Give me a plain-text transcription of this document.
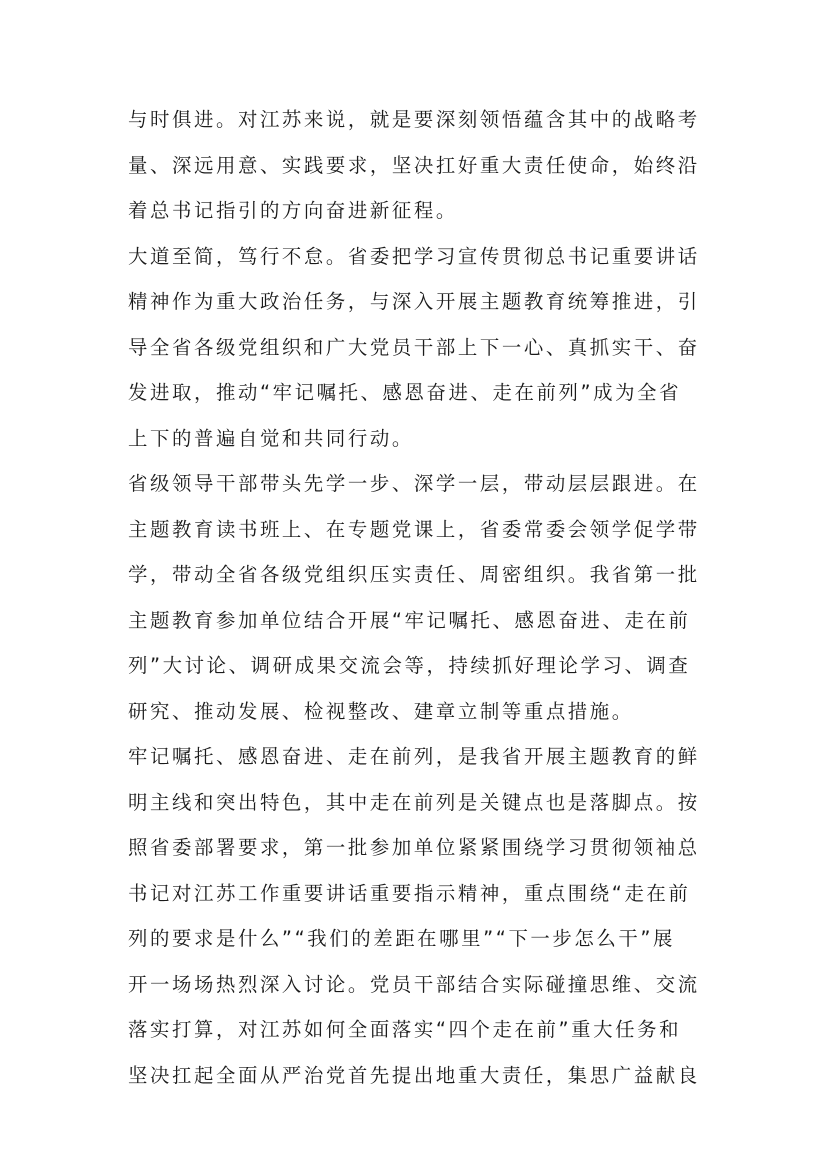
与时俱进。对江苏来说，就是要深刻领悟蕴含其中的战略考
量、深远用意、实践要求，坚决扛好重大责任使命，始终沿
着总书记指引的方向奋进新征程。

大道至简，笃行不怠。省委把学习宣传贯彻总书记重要讲话
精神作为重大政治任务，与深入开展主题教育统筹推进，引
导全省各级党组织和广大党员干部上下一心、真抓实干、奋
发进取，推动“牢记嘱托、感恩奋进、走在前列”成为全省
上下的普遍自觉和共同行动。

省级领导干部带头先学一步、深学一层，带动层层跟进。在
主题教育读书班上、在专题党课上，省委常委会领学促学带
学，带动全省各级党组织压实责任、周密组织。我省第一批
主题教育参加单位结合开展“牢记嘱托、感恩奋进、走在前
列”大讨论、调研成果交流会等，持续抓好理论学习、调查
研究、推动发展、检视整改、建章立制等重点措施。

牢记嘱托、感恩奋进、走在前列，是我省开展主题教育的鲜
明主线和突出特色，其中走在前列是关键点也是落脚点。按
照省委部署要求，第一批参加单位紧紧围绕学习贯彻领袖总
书记对江苏工作重要讲话重要指示精神，重点围绕“走在前
列的要求是什么”“我们的差距在哪里”“下一步怎么干”展
开一场场热烈深入讨论。党员干部结合实际碰撞思维、交流
落实打算，对江苏如何全面落实“四个走在前”重大任务和
坚决扛起全面从严治党首先提出地重大责任，集思广益献良
